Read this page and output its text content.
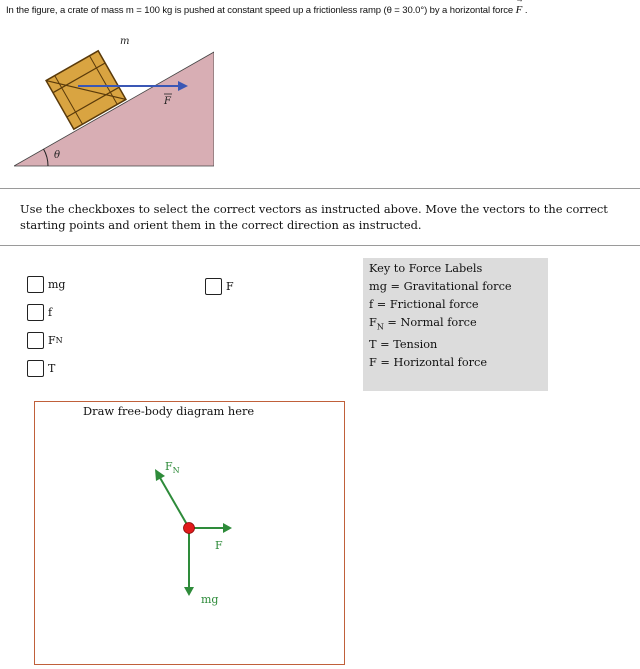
In the figure, a crate of mass m = 100 kg is pushed at constant speed up a frictionless ramp (θ = 30.0°) by a horizontal force → F .
m
F
θ
Use the checkboxes to select the correct vectors as instructed above. Move the vectors to the correct starting points and orient them in the correct direction as instructed.
mg
f
F N
T
F
Key to Force Labels
mg = Gravitational force
f = Frictional force
$F_N$ = Normal force
T = Tension
F = Horizontal force
Draw free-body diagram here
$F_N$
F
mg
